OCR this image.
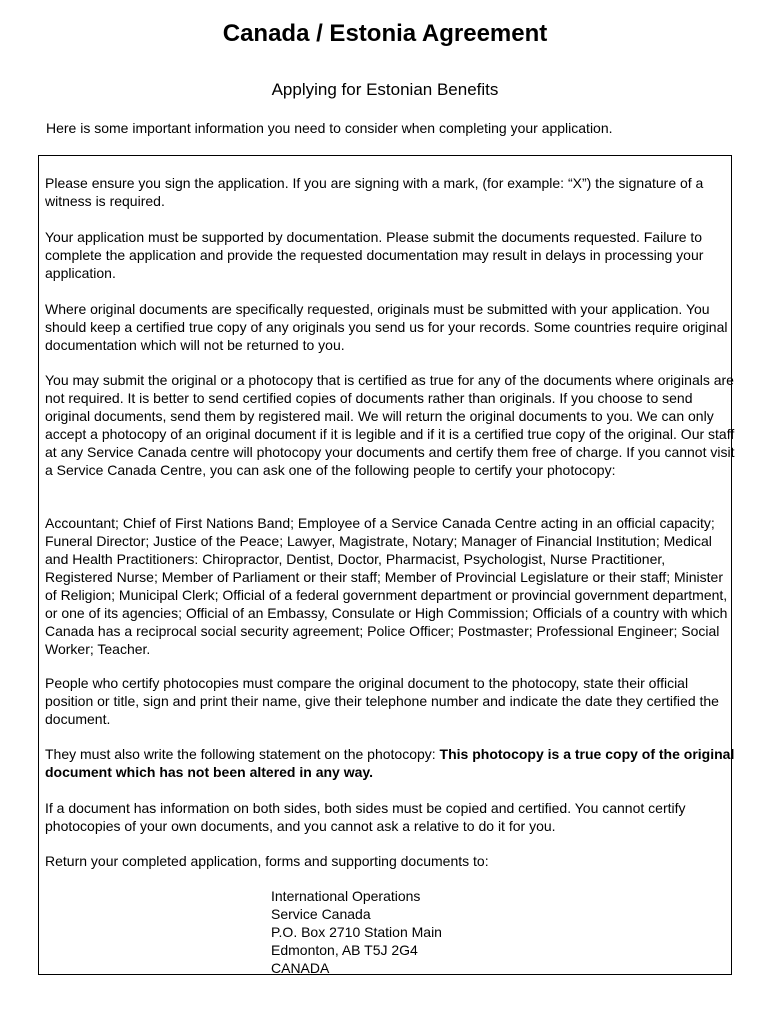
Canada / Estonia Agreement
Applying for Estonian Benefits
Here is some important information you need to consider when completing your application.
Please ensure you sign the application. If you are signing with a mark, (for example: “X”) the signature of a witness is required.
Your application must be supported by documentation. Please submit the documents requested. Failure to complete the application and provide the requested documentation may result in delays in processing your application.
Where original documents are specifically requested, originals must be submitted with your application. You should keep a certified true copy of any originals you send us for your records. Some countries require original documentation which will not be returned to you.
You may submit the original or a photocopy that is certified as true for any of the documents where originals are not required. It is better to send certified copies of documents rather than originals. If you choose to send original documents, send them by registered mail. We will return the original documents to you. We can only accept a photocopy of an original document if it is legible and if it is a certified true copy of the original. Our staff at any Service Canada centre will photocopy your documents and certify them free of charge. If you cannot visit a Service Canada Centre, you can ask one of the following people to certify your photocopy:
Accountant; Chief of First Nations Band; Employee of a Service Canada Centre acting in an official capacity; Funeral Director; Justice of the Peace; Lawyer, Magistrate, Notary; Manager of Financial Institution; Medical and Health Practitioners: Chiropractor, Dentist, Doctor, Pharmacist, Psychologist, Nurse Practitioner, Registered Nurse; Member of Parliament or their staff; Member of Provincial Legislature or their staff; Minister of Religion; Municipal Clerk; Official of a federal government department or provincial government department, or one of its agencies; Official of an Embassy, Consulate or High Commission; Officials of a country with which Canada has a reciprocal social security agreement; Police Officer; Postmaster; Professional Engineer; Social Worker; Teacher.
People who certify photocopies must compare the original document to the photocopy, state their official position or title, sign and print their name, give their telephone number and indicate the date they certified the document.
They must also write the following statement on the photocopy: This photocopy is a true copy of the original document which has not been altered in any way.
If a document has information on both sides, both sides must be copied and certified. You cannot certify photocopies of your own documents, and you cannot ask a relative to do it for you.
Return your completed application, forms and supporting documents to:
International Operations
Service Canada
P.O. Box 2710 Station Main
Edmonton, AB T5J 2G4
CANADA
